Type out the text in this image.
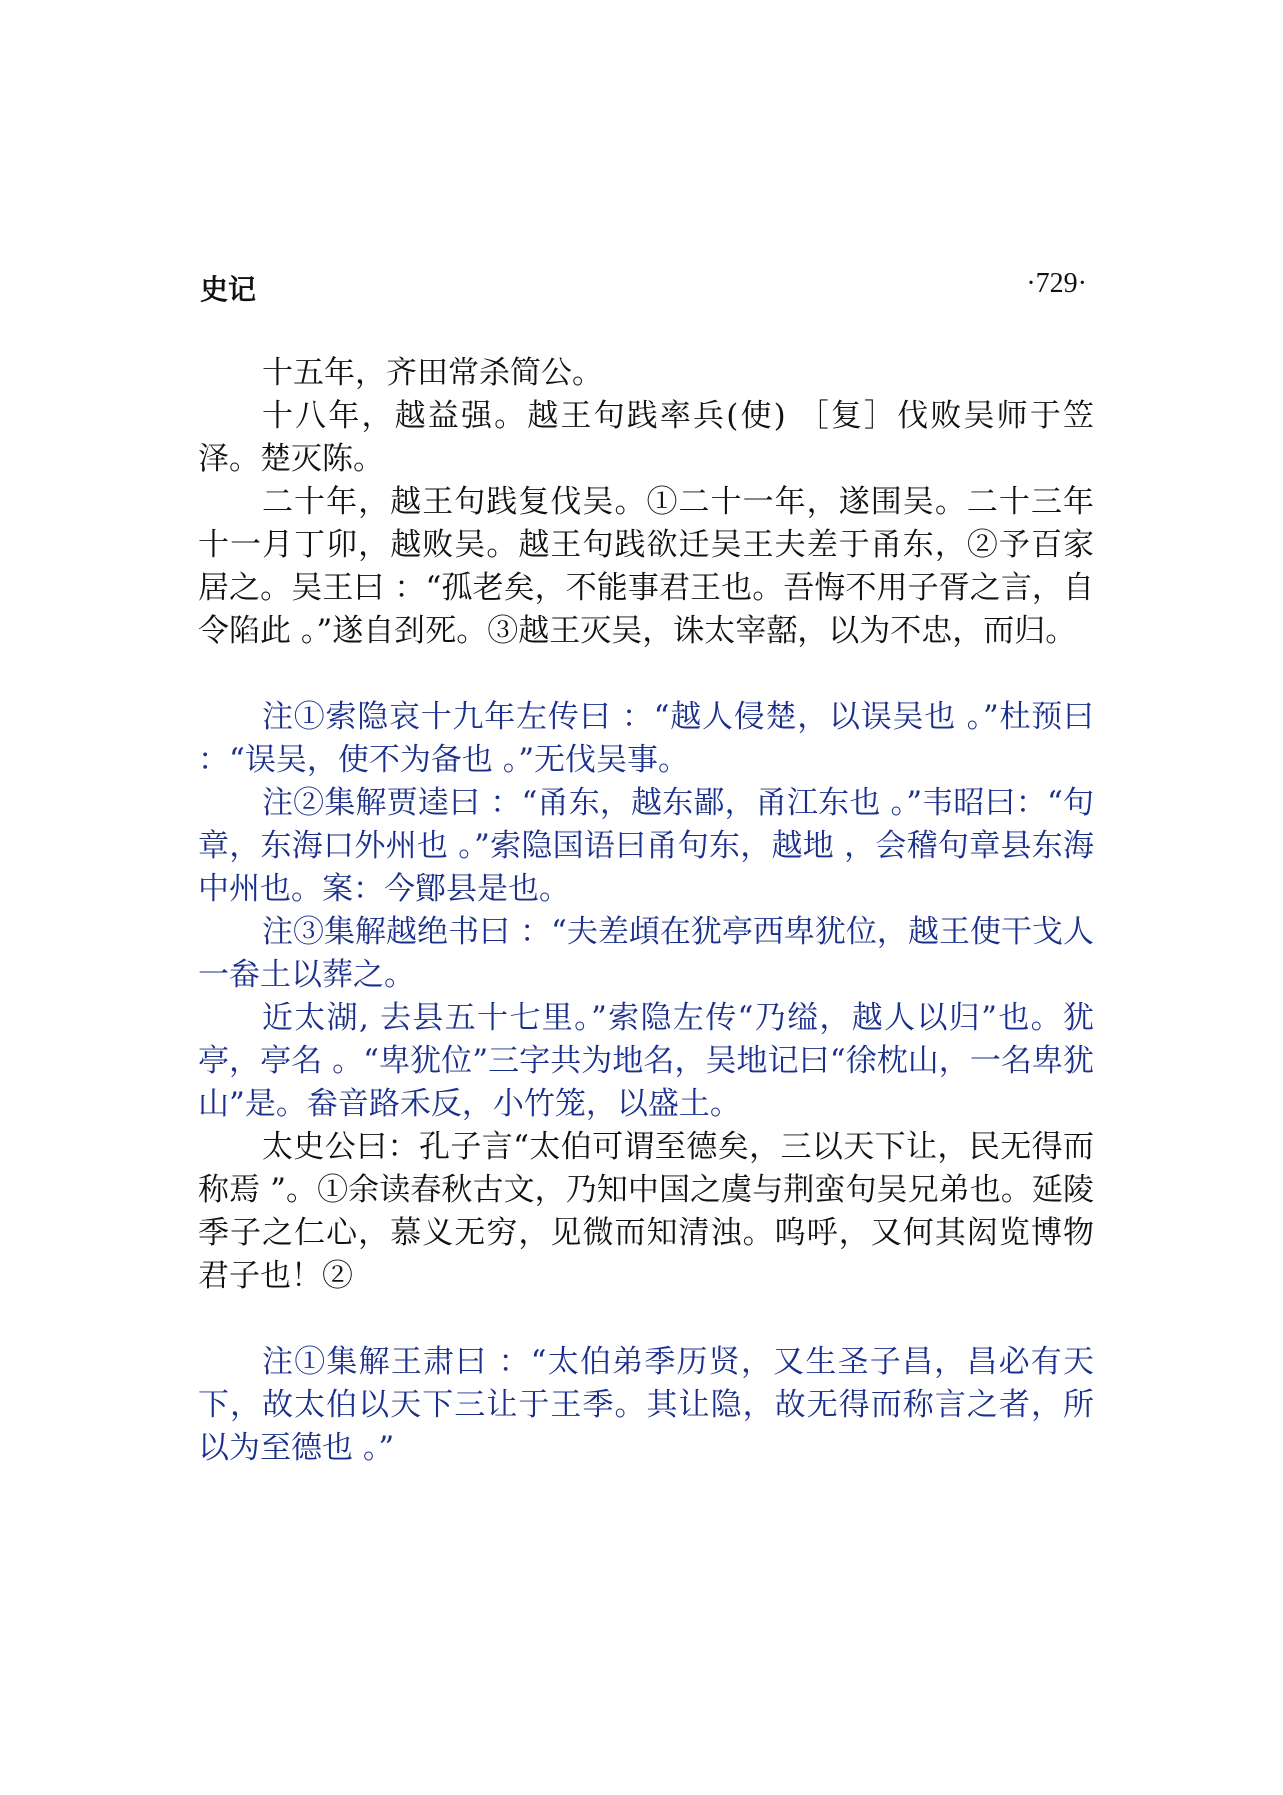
史记	·729·

十五年，齐田常杀简公。

十八年，越益强。越王句践率兵(使) ［复］伐败吴师于笠泽。楚灭陈。

二十年，越王句践复伐吴。①二十一年，遂围吴。二十三年十一月丁卯，越败吴。越王句践欲迁吴王夫差于甬东，②予百家居之。吴王曰 ：“孤老矣，不能事君王也。吾悔不用子胥之言，自令陷此 。”遂自刭死。③越王灭吴，诛太宰嚭，以为不忠，而归。

注①索隐哀十九年左传曰 ：“越人侵楚，以误吴也 。”杜预曰 ：“误吴，使不为备也 。”无伐吴事。

注②集解贾逵曰 ：“甬东，越东鄙，甬江东也 。”韦昭曰：“句章，东海口外州也 。”索隐国语曰甬句东，越地 ，会稽句章县东海中州也。案：今鄮县是也。

注③集解越绝书曰 ：“夫差頉在犹亭西卑犹位，越王使干戈人一畚土以葬之。

近太湖, 去县五十七里。”索隐左传“乃缢，越人以归”也。犹亭，亭名 。“卑犹位”三字共为地名，吴地记曰“徐枕山，一名卑犹山”是。畚音路禾反，小竹笼，以盛土。

太史公曰：孔子言“太伯可谓至德矣，三以天下让，民无得而称焉 ”。①余读春秋古文，乃知中国之虞与荆蛮句吴兄弟也。延陵季子之仁心，慕义无穷，见微而知清浊。呜呼，又何其闳览博物君子也！②

注①集解王肃曰 ：“太伯弟季历贤，又生圣子昌，昌必有天下，故太伯以天下三让于王季。其让隐，故无得而称言之者，所以为至德也 。”
